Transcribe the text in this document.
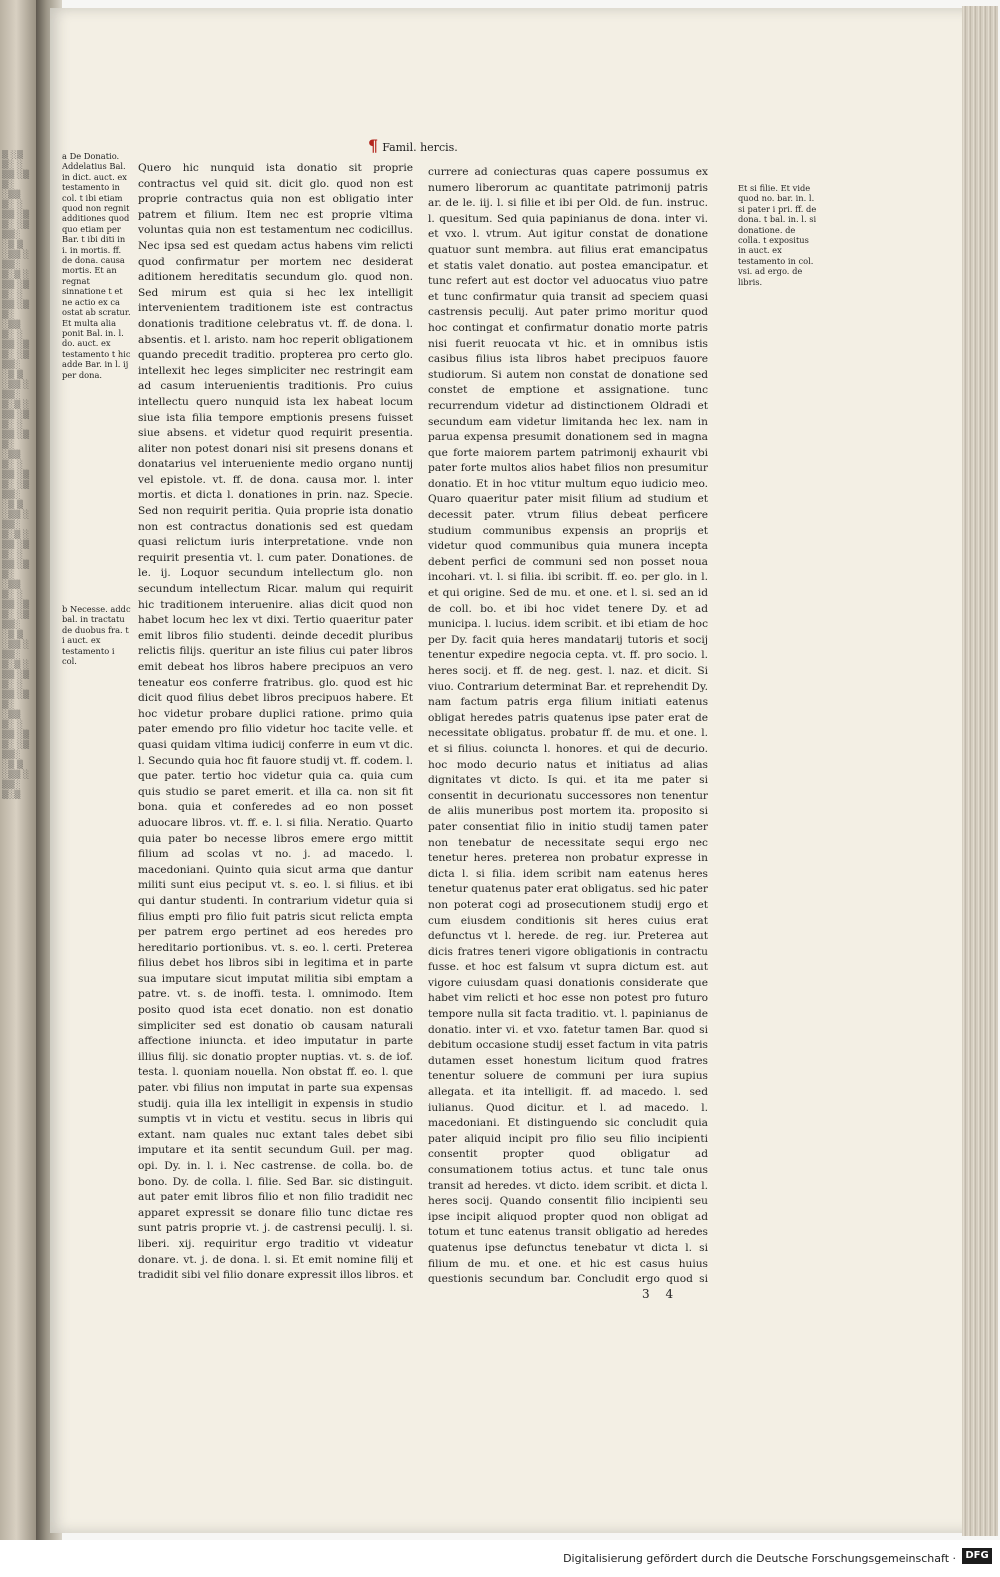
▒ ░▒ ▒░ ░ ▒▒ ░▒ ▒░ ░▒▒ ▒░ ░ ▒▒ ░▒ ▒░ ░▒ ▒▒░ ░▒ ▒ ░▒▒ ░ ▒▒░ ▒░▒ ░ ▒▒ ░▒ ▒░ ░ ▒▒ ░▒ ▒░ ░▒▒ ▒░ ░ ▒▒ ░▒ ▒░ ░▒ ▒▒░ ░▒ ▒ ░▒▒ ░ ▒▒░ ▒░▒ ░ ▒▒ ░▒ ▒░ ░ ▒▒ ░▒ ▒░ ░▒▒ ▒░ ░ ▒▒ ░▒ ▒░ ░▒ ▒▒░ ░▒ ▒ ░▒▒ ░ ▒▒░ ▒░▒ ░ ▒▒ ░▒ ▒░ ░ ▒▒ ░▒ ▒░ ░▒▒ ▒░ ░ ▒▒ ░▒ ▒░ ░▒ ▒▒░ ░▒ ▒ ░▒▒ ░ ▒▒░ ▒░▒ ░ ▒▒ ░▒ ▒░ ░ ▒▒ ░▒ ▒░ ░▒▒ ▒░ ░ ▒▒ ░▒ ▒░ ░▒ ▒▒░ ░▒ ▒ ░▒▒ ░ ▒▒░ ▒░▒
¶ Famil. hercis.

a De Donatio. Addelatius Bal. in dict. auct. ex testamento in col. t ibi etiam quod non regnit additiones quod quo etiam per Bar. t ibi diti in i. in mortis. ff. de dona. causa mortis. Et an regnat sinnatione t et ne actio ex ca ostat ab scratur. Et multa alia ponit Bal. in. l. do. auct. ex testamento t hic adde Bar. in l. ij per dona.

b Necesse. addc bal. in tractatu de duobus fra. t i auct. ex testamento i col.

Et si filie. Et vide quod no. bar. in. l. si pater i pri. ff. de dona. t bal. in. l. si donatione. de colla. t expositus in auct. ex testamento in col. vsi. ad ergo. de libris.

Quero hic nunquid ista donatio sit proprie contractus vel quid sit. dicit glo. quod non est proprie contractus quia non est obligatio inter patrem et filium. Item nec est proprie vltima voluntas quia non est testamentum nec codicillus. Nec ipsa sed est quedam actus habens vim relicti quod confirmatur per mortem nec desiderat aditionem hereditatis secundum glo. quod non. Sed mirum est quia si hec lex intelligit intervenientem traditionem iste est contractus donationis traditione celebratus vt. ff. de dona. l. absentis. et l. aristo. nam hoc reperit obligationem quando precedit traditio. propterea pro certo glo. intellexit hec leges simpliciter nec restringit eam ad casum interuenientis traditionis. Pro cuius intellectu quero nunquid ista lex habeat locum siue ista filia tempore emptionis presens fuisset siue absens. et videtur quod requirit presentia. aliter non potest donari nisi sit presens donans et donatarius vel interueniente medio organo nuntij vel epistole. vt. ff. de dona. causa mor. l. inter mortis. et dicta l. donationes in prin. naz. Specie. Sed non requirit peritia. Quia proprie ista donatio non est contractus donationis sed est quedam quasi relictum iuris interpretatione. vnde non requirit presentia vt. l. cum pater. Donationes. de le. ij. Loquor secundum intellectum glo. non secundum intellectum Ricar. malum qui requirit hic traditionem interuenire. alias dicit quod non habet locum hec lex vt dixi. Tertio quaeritur pater emit libros filio studenti. deinde decedit pluribus relictis filijs. queritur an iste filius cui pater libros emit debeat hos libros habere precipuos an vero teneatur eos conferre fratribus. glo. quod est hic dicit quod filius debet libros precipuos habere. Et hoc videtur probare duplici ratione. primo quia pater emendo pro filio videtur hoc tacite velle. et quasi quidam vltima iudicij conferre in eum vt dic. l. Secundo quia hoc fit fauore studij vt. ff. codem. l. que pater. tertio hoc videtur quia ca. quia cum quis studio se paret emerit. et illa ca. non sit fit bona. quia et conferedes ad eo non posset aduocare libros. vt. ff. e. l. si filia. Neratio. Quarto quia pater bo necesse libros emere ergo mittit filium ad scolas vt no. j. ad macedo. l. macedoniani. Quinto quia sicut arma que dantur militi sunt eius peciput vt. s. eo. l. si filius. et ibi qui dantur studenti. In contrarium videtur quia si filius empti pro filio fuit patris sicut relicta empta per patrem ergo pertinet ad eos heredes pro hereditario portionibus. vt. s. eo. l. certi. Preterea filius debet hos libros sibi in legitima et in parte sua imputare sicut imputat militia sibi emptam a patre. vt. s. de inoffi. testa. l. omnimodo. Item posito quod ista ecet donatio. non est donatio simpliciter sed est donatio ob causam naturali affectione iniuncta. et ideo imputatur in parte illius filij. sic donatio propter nuptias. vt. s. de iof. testa. l. quoniam nouella. Non obstat ff. eo. l. que pater. vbi filius non imputat in parte sua expensas studij. quia illa lex intelligit in expensis in studio sumptis vt in victu et vestitu. secus in libris qui extant. nam quales nuc extant tales debet sibi imputare et ita sentit secundum Guil. per mag. opi. Dy. in. l. i. Nec castrense. de colla. bo. de bono. Dy. de colla. l. filie. Sed Bar. sic distinguit. aut pater emit libros filio et non filio tradidit nec apparet expressit se donare filio tunc dictae res sunt patris proprie vt. j. de castrensi peculij. l. si. liberi. xij. requiritur ergo traditio vt videatur donare. vt. j. de dona. l. si. Et emit nomine filij et tradidit sibi vel filio donare expressit illos libros. et

currere ad coniecturas quas capere possumus ex numero liberorum ac quantitate patrimonij patris ar. de le. iij. l. si filie et ibi per Old. de fun. instruc. l. quesitum. Sed quia papinianus de dona. inter vi. et vxo. l. vtrum. Aut igitur constat de donatione quatuor sunt membra. aut filius erat emancipatus et statis valet donatio. aut postea emancipatur. et tunc refert aut est doctor vel aduocatus viuo patre et tunc confirmatur quia transit ad speciem quasi castrensis peculij. Aut pater primo moritur quod hoc contingat et confirmatur donatio morte patris nisi fuerit reuocata vt hic. et in omnibus istis casibus filius ista libros habet precipuos fauore studiorum. Si autem non constat de donatione sed constet de emptione et assignatione. tunc recurrendum videtur ad distinctionem Oldradi et secundum eam videtur limitanda hec lex. nam in parua expensa presumit donationem sed in magna que forte maiorem partem patrimonij exhaurit vbi pater forte multos alios habet filios non presumitur donatio. Et in hoc vtitur multum equo iudicio meo. Quaro quaeritur pater misit filium ad studium et decessit pater. vtrum filius debeat perficere studium communibus expensis an proprijs et videtur quod communibus quia munera incepta debent perfici de communi sed non posset noua incohari. vt. l. si filia. ibi scribit. ff. eo. per glo. in l. et qui origine. Sed de mu. et one. et l. si. sed an id de coll. bo. et ibi hoc videt tenere Dy. et ad municipa. l. lucius. idem scribit. et ibi etiam de hoc per Dy. facit quia heres mandatarij tutoris et socij tenentur expedire negocia cepta. vt. ff. pro socio. l. heres socij. et ff. de neg. gest. l. naz. et dicit. Si viuo. Contrarium determinat Bar. et reprehendit Dy. nam factum patris erga filium initiati eatenus obligat heredes patris quatenus ipse pater erat de necessitate obligatus. probatur ff. de mu. et one. l. et si filius. coiuncta l. honores. et qui de decurio. hoc modo decurio natus et initiatus ad alias dignitates vt dicto. Is qui. et ita me pater si consentit in decurionatu successores non tenentur de aliis muneribus post mortem ita. proposito si pater consentiat filio in initio studij tamen pater non tenebatur de necessitate sequi ergo nec tenetur heres. preterea non probatur expresse in dicta l. si filia. idem scribit nam eatenus heres tenetur quatenus pater erat obligatus. sed hic pater non poterat cogi ad prosecutionem studij ergo et cum eiusdem conditionis sit heres cuius erat defunctus vt l. herede. de reg. iur. Preterea aut dicis fratres teneri vigore obligationis in contractu fusse. et hoc est falsum vt supra dictum est. aut vigore cuiusdam quasi donationis considerate que habet vim relicti et hoc esse non potest pro futuro tempore nulla sit facta traditio. vt. l. papinianus de donatio. inter vi. et vxo. fatetur tamen Bar. quod si debitum occasione studij esset factum in vita patris dutamen esset honestum licitum quod fratres tenentur soluere de communi per iura supius allegata. et ita intelligit. ff. ad macedo. l. sed iulianus. Quod dicitur. et l. ad macedo. l. macedoniani. Et distinguendo sic concludit quia pater aliquid incipit pro filio seu filio incipienti consentit propter quod obligatur ad consumationem totius actus. et tunc tale onus transit ad heredes. vt dicto. idem scribit. et dicta l. heres socij. Quando consentit filio incipienti seu ipse incipit aliquod propter quod non obligat ad totum et tunc eatenus transit obligatio ad heredes quatenus ipse defunctus tenebatur vt dicta l. si filium de mu. et one. et hic est casus huius questionis secundum bar. Concludit ergo quod si

3 4
Digitalisierung gefördert durch die Deutsche Forschungsgemeinschaft · DFG
